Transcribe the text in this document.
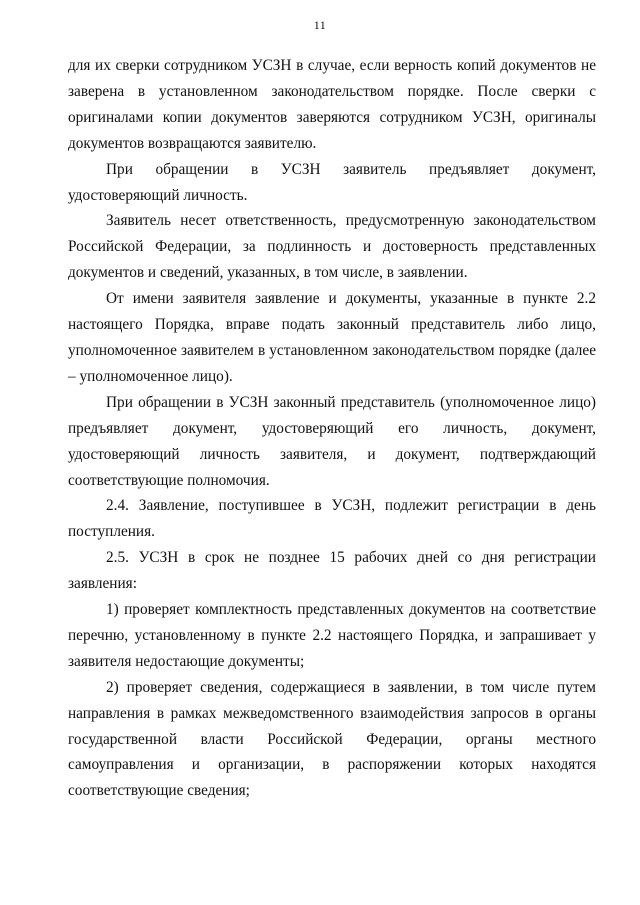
11

для их сверки сотрудником УСЗН в случае, если верность копий документов не заверена в установленном законодательством порядке. После сверки с оригиналами копии документов заверяются сотрудником УСЗН, оригиналы документов возвращаются заявителю.

При обращении в УСЗН заявитель предъявляет документ, удостоверяющий личность.

Заявитель несет ответственность, предусмотренную законодательством Российской Федерации, за подлинность и достоверность представленных документов и сведений, указанных, в том числе, в заявлении.

От имени заявителя заявление и документы, указанные в пункте 2.2 настоящего Порядка, вправе подать законный представитель либо лицо, уполномоченное заявителем в установленном законодательством порядке (далее – уполномоченное лицо).

При обращении в УСЗН законный представитель (уполномоченное лицо) предъявляет документ, удостоверяющий его личность, документ, удостоверяющий личность заявителя, и документ, подтверждающий соответствующие полномочия.

2.4. Заявление, поступившее в УСЗН, подлежит регистрации в день поступления.

2.5. УСЗН в срок не позднее 15 рабочих дней со дня регистрации заявления:

1) проверяет комплектность представленных документов на соответствие перечню, установленному в пункте 2.2 настоящего Порядка, и запрашивает у заявителя недостающие документы;

2) проверяет сведения, содержащиеся в заявлении, в том числе путем направления в рамках межведомственного взаимодействия запросов в органы государственной власти Российской Федерации, органы местного самоуправления и организации, в распоряжении которых находятся соответствующие сведения;
